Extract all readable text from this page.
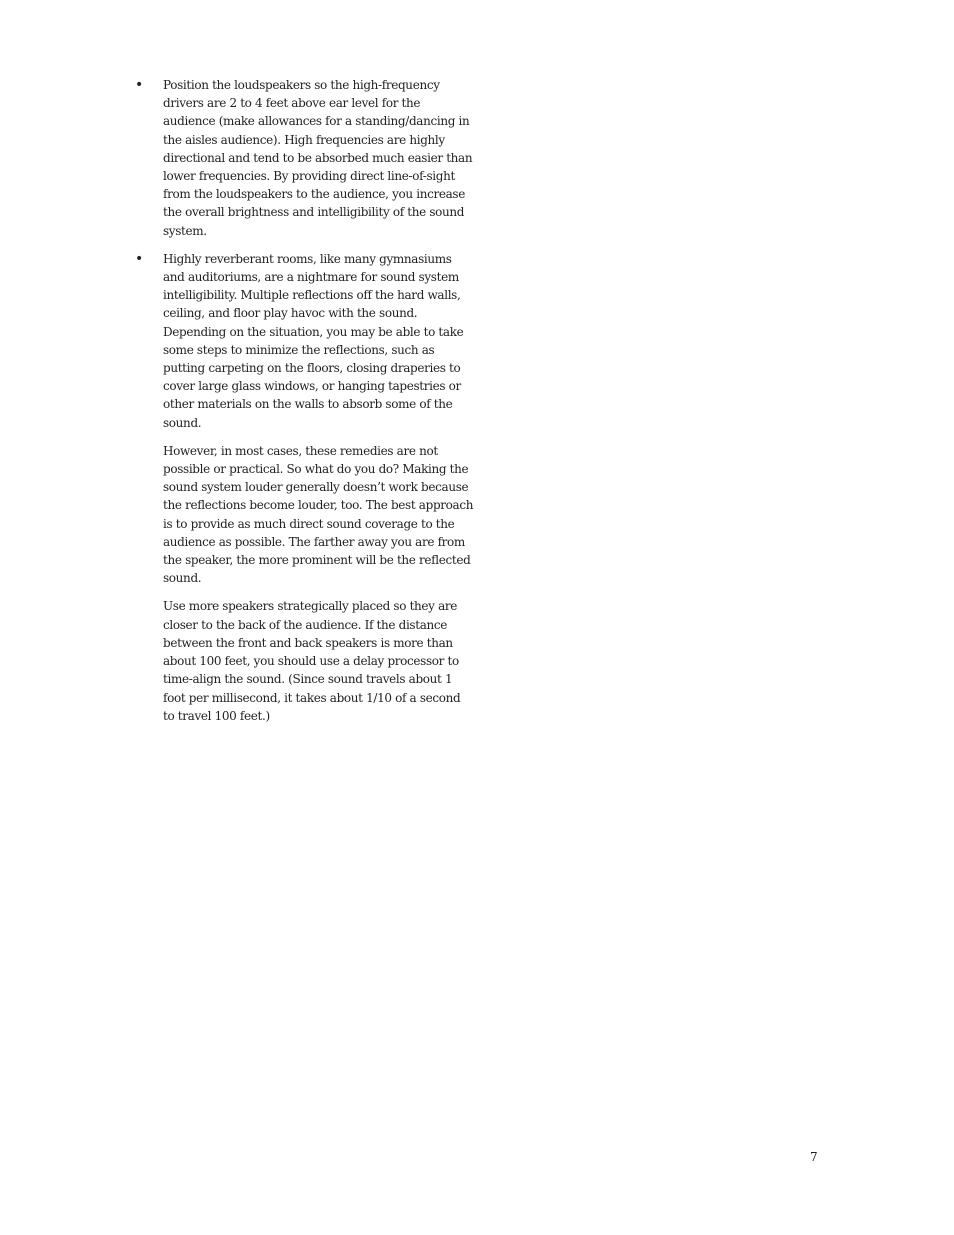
• Position the loudspeakers so the high-frequency drivers are 2 to 4 feet above ear level for the audience (make allowances for a standing/dancing in the aisles audience). High frequencies are highly directional and tend to be absorbed much easier than lower frequencies. By providing direct line-of-sight from the loudspeakers to the audience, you increase the overall brightness and intelligibility of the sound system.

• Highly reverberant rooms, like many gymnasiums and auditoriums, are a nightmare for sound system intelligibility. Multiple reflections off the hard walls, ceiling, and floor play havoc with the sound. Depending on the situation, you may be able to take some steps to minimize the reflections, such as putting carpeting on the floors, closing draperies to cover large glass windows, or hanging tapestries or other materials on the walls to absorb some of the sound.

However, in most cases, these remedies are not possible or practical. So what do you do? Making the sound system louder generally doesn’t work because the reflections become louder, too. The best approach is to provide as much direct sound coverage to the audience as possible. The farther away you are from the speaker, the more prominent will be the reflected sound.

Use more speakers strategically placed so they are closer to the back of the audience. If the distance between the front and back speakers is more than about 100 feet, you should use a delay processor to time-align the sound. (Since sound travels about 1 foot per millisecond, it takes about 1/10 of a second to travel 100 feet.)

7
